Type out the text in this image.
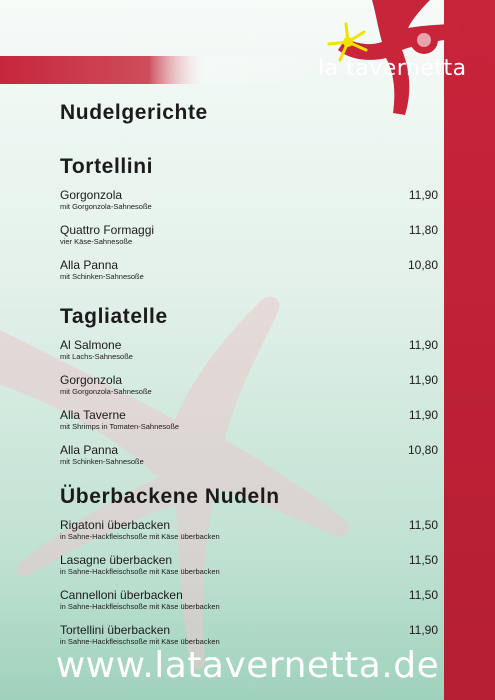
la tavernetta
Nudelgerichte
Tortellini
Gorgonzola
mit Gorgonzola-Sahnesoße
11,90
Quattro Formaggi
vier Käse-Sahnesoße
11,80
Alla Panna
mit Schinken-Sahnesoße
10,80
Tagliatelle
Al Salmone
mit Lachs-Sahnesoße
11,90
Gorgonzola
mit Gorgonzola-Sahnesoße
11,90
Alla Taverne
mit Shrimps in Tomaten-Sahnesoße
11,90
Alla Panna
mit Schinken-Sahnesoße
10,80
Überbackene Nudeln
Rigatoni überbacken
in Sahne-Hackfleischsoße mit Käse überbacken
11,50
Lasagne überbacken
in Sahne-Hackfleischsoße mit Käse überbacken
11,50
Cannelloni überbacken
in Sahne-Hackfleischsoße mit Käse überbacken
11,50
Tortellini überbacken
in Sahne-Hackfleischsoße mit Käse überbacken
11,90
www.latavernetta.de
